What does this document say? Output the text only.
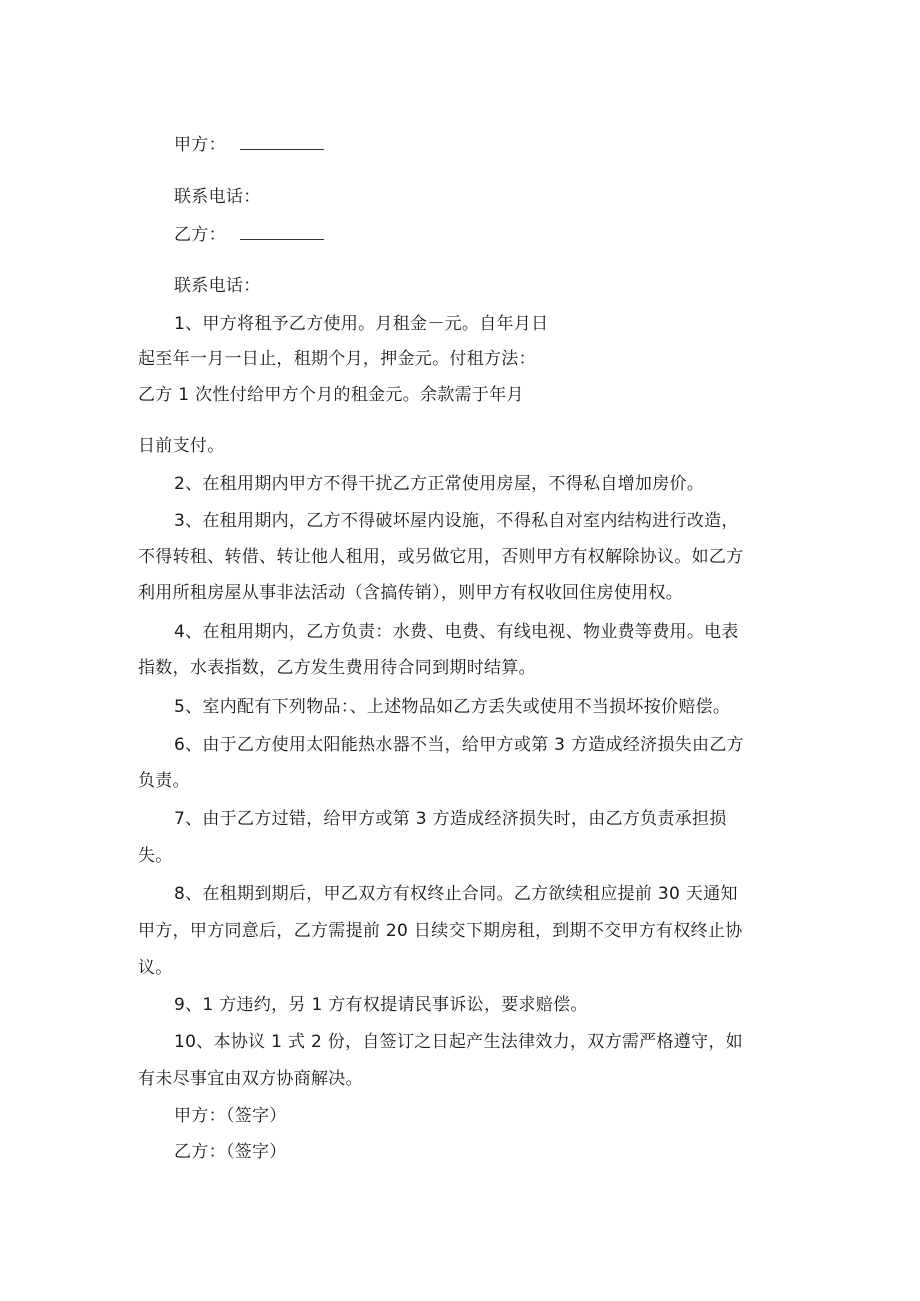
甲方：
联系电话：
乙方：
联系电话：
1、甲方将租予乙方使用。月租金－元。自年月日
起至年一月一日止，租期个月，押金元。付租方法：
乙方 1 次性付给甲方个月的租金元。余款需于年月
日前支付。
2、在租用期内甲方不得干扰乙方正常使用房屋，不得私自增加房价。
3、在租用期内，乙方不得破坏屋内设施，不得私自对室内结构进行改造，
不得转租、转借、转让他人租用，或另做它用，否则甲方有权解除协议。如乙方
利用所租房屋从事非法活动（含搞传销），则甲方有权收回住房使用权。
4、在租用期内，乙方负责：水费、电费、有线电视、物业费等费用。电表
指数，水表指数，乙方发生费用待合同到期时结算。
5、室内配有下列物品：、上述物品如乙方丢失或使用不当损坏按价赔偿。
6、由于乙方使用太阳能热水器不当，给甲方或第 3 方造成经济损失由乙方
负责。
7、由于乙方过错，给甲方或第 3 方造成经济损失时，由乙方负责承担损
失。
8、在租期到期后，甲乙双方有权终止合同。乙方欲续租应提前 30 天通知
甲方，甲方同意后，乙方需提前 20 日续交下期房租，到期不交甲方有权终止协
议。
9、1 方违约，另 1 方有权提请民事诉讼，要求赔偿。
10、本协议 1 式 2 份，自签订之日起产生法律效力，双方需严格遵守，如
有未尽事宜由双方协商解决。
甲方：（签字）
乙方：（签字）
